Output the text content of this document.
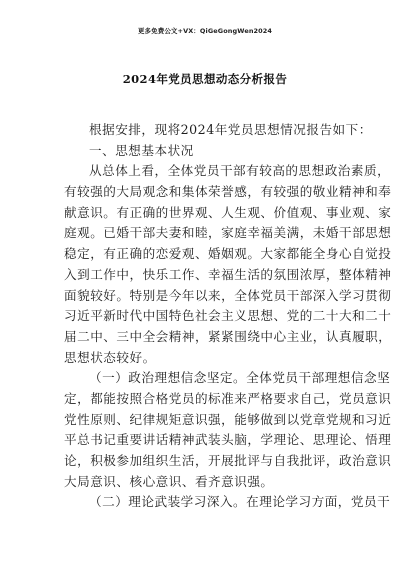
更多免费公文+VX：QiGeGongWen2024
2024年党员思想动态分析报告
根据安排，现将2024年党员思想情况报告如下：
一、思想基本状况
从总体上看，全体党员干部有较高的思想政治素质，
有较强的大局观念和集体荣誉感，有较强的敬业精神和奉
献意识。有正确的世界观、人生观、价值观、事业观、家
庭观。已婚干部夫妻和睦，家庭幸福美满，未婚干部思想
稳定，有正确的恋爱观、婚姻观。大家都能全身心自觉投
入到工作中，快乐工作、幸福生活的氛围浓厚，整体精神
面貌较好。特别是今年以来，全体党员干部深入学习贯彻
习近平新时代中国特色社会主义思想、党的二十大和二十
届二中、三中全会精神，紧紧围绕中心主业，认真履职，
思想状态较好。
（一）政治理想信念坚定。全体党员干部理想信念坚
定，都能按照合格党员的标准来严格要求自己，党员意识
党性原则、纪律规矩意识强，能够做到以党章党规和习近
平总书记重要讲话精神武装头脑，学理论、思理论、悟理
论，积极参加组织生活，开展批评与自我批评，政治意识
大局意识、核心意识、看齐意识强。
（二）理论武装学习深入。在理论学习方面，党员干
